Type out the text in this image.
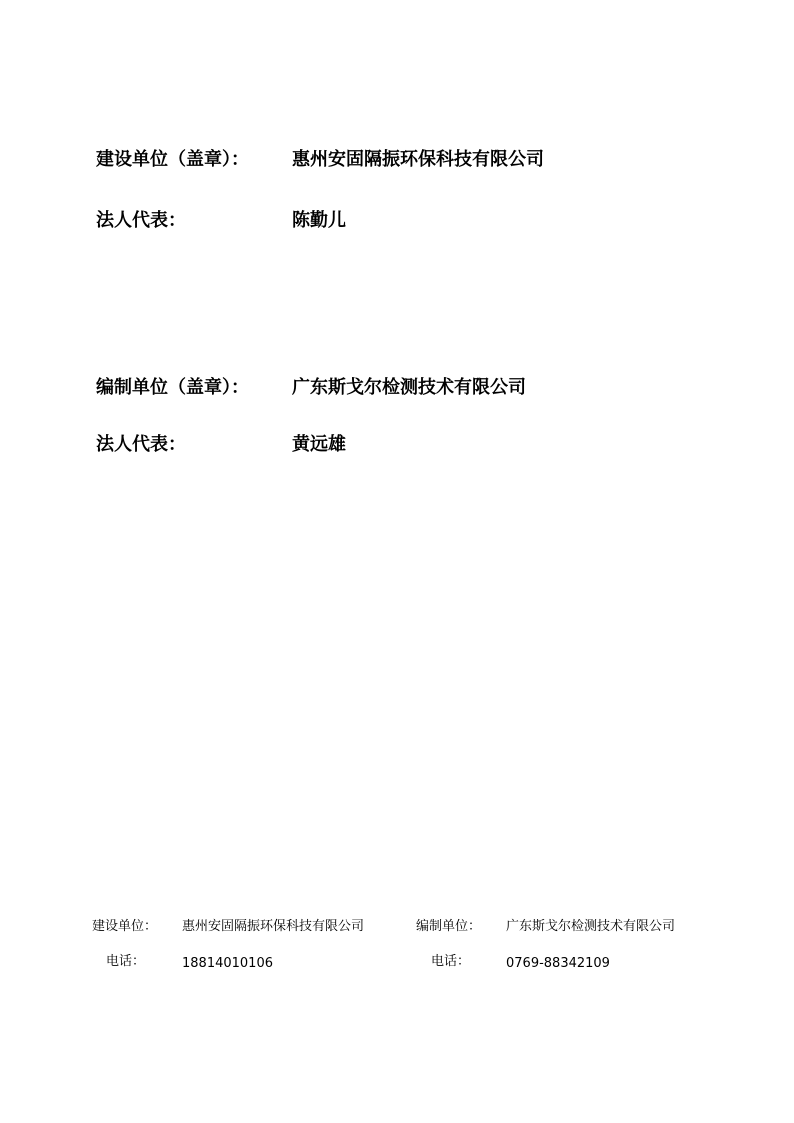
建设单位（盖章）： 惠州安固隔振环保科技有限公司
法人代表：	陈勤儿
编制单位（盖章）： 广东斯戈尔检测技术有限公司
法人代表：	黄远雄
建设单位： 惠州安固隔振环保科技有限公司	编制单位： 广东斯戈尔检测技术有限公司
电话：	18814010106	电话：	0769-88342109
